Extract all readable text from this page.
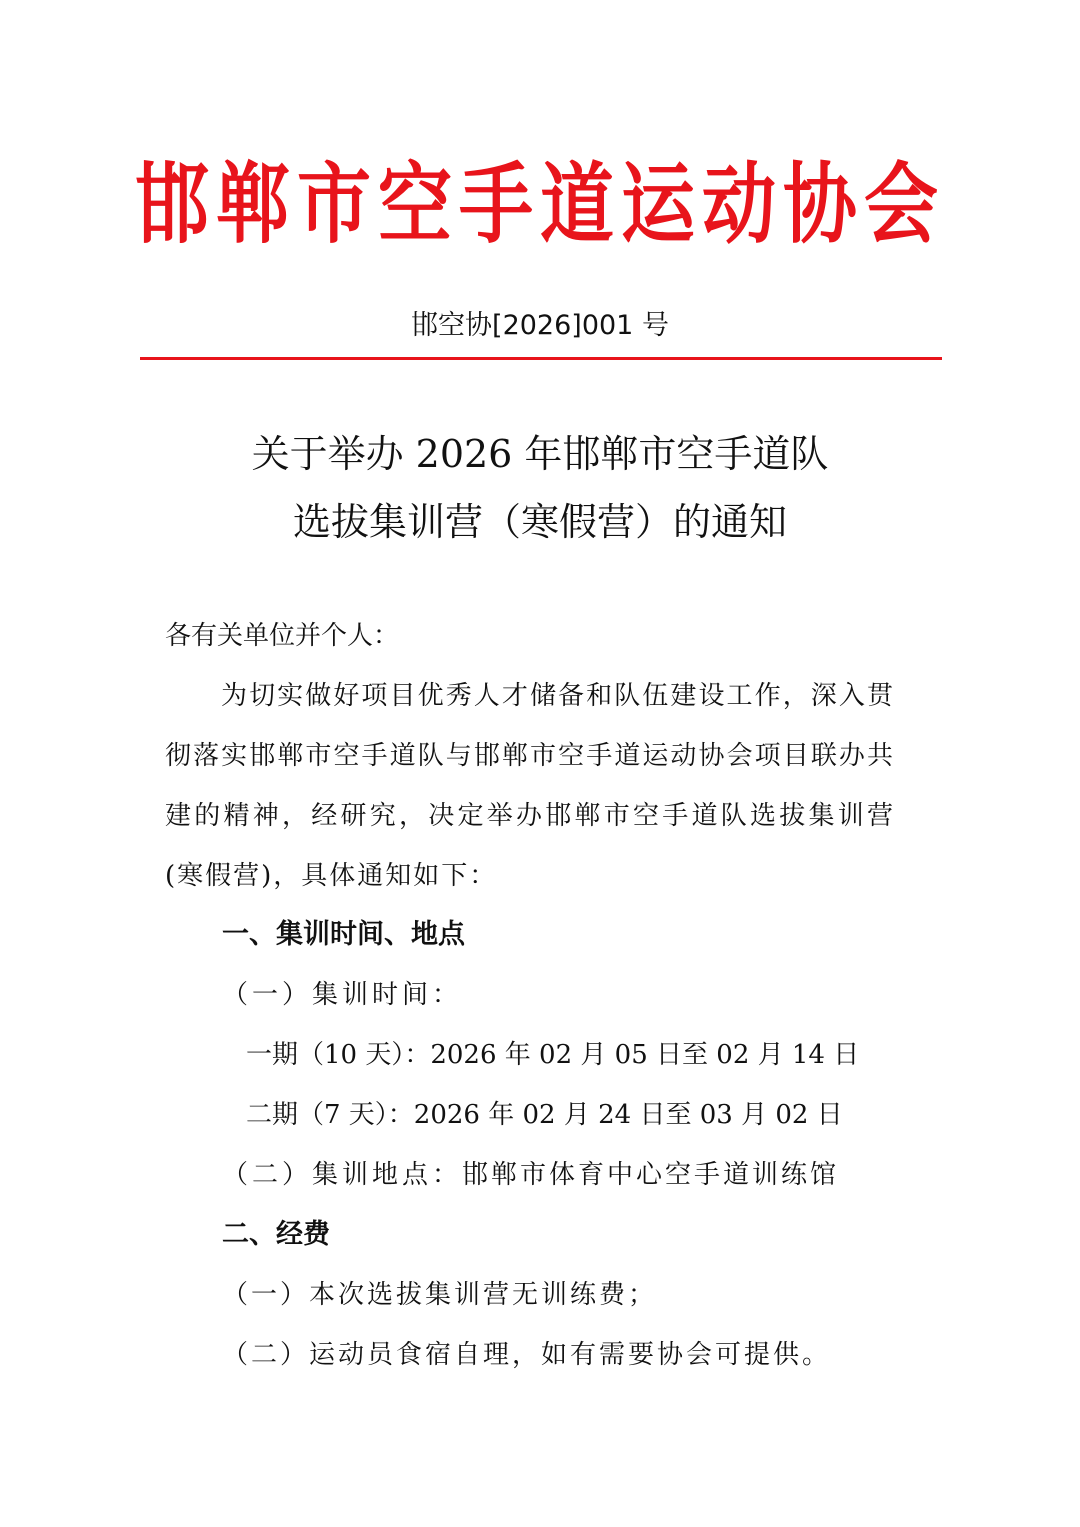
邯郸市空手道运动协会
邯空协[2026]001 号
关于举办 2026 年邯郸市空手道队
选拔集训营（寒假营）的通知
各有关单位并个人：
为切实做好项目优秀人才储备和队伍建设工作，深入贯彻落实邯郸市空手道队与邯郸市空手道运动协会项目联办共建的精神，经研究，决定举办邯郸市空手道队选拔集训营(寒假营)，具体通知如下：
一、集训时间、地点
（一）集训时间：
一期（10 天）：2026 年 02 月 05 日至 02 月 14 日
二期（7 天）：2026 年 02 月 24 日至 03 月 02 日
（二）集训地点：邯郸市体育中心空手道训练馆
二、经费
（一）本次选拔集训营无训练费；
（二）运动员食宿自理，如有需要协会可提供。
